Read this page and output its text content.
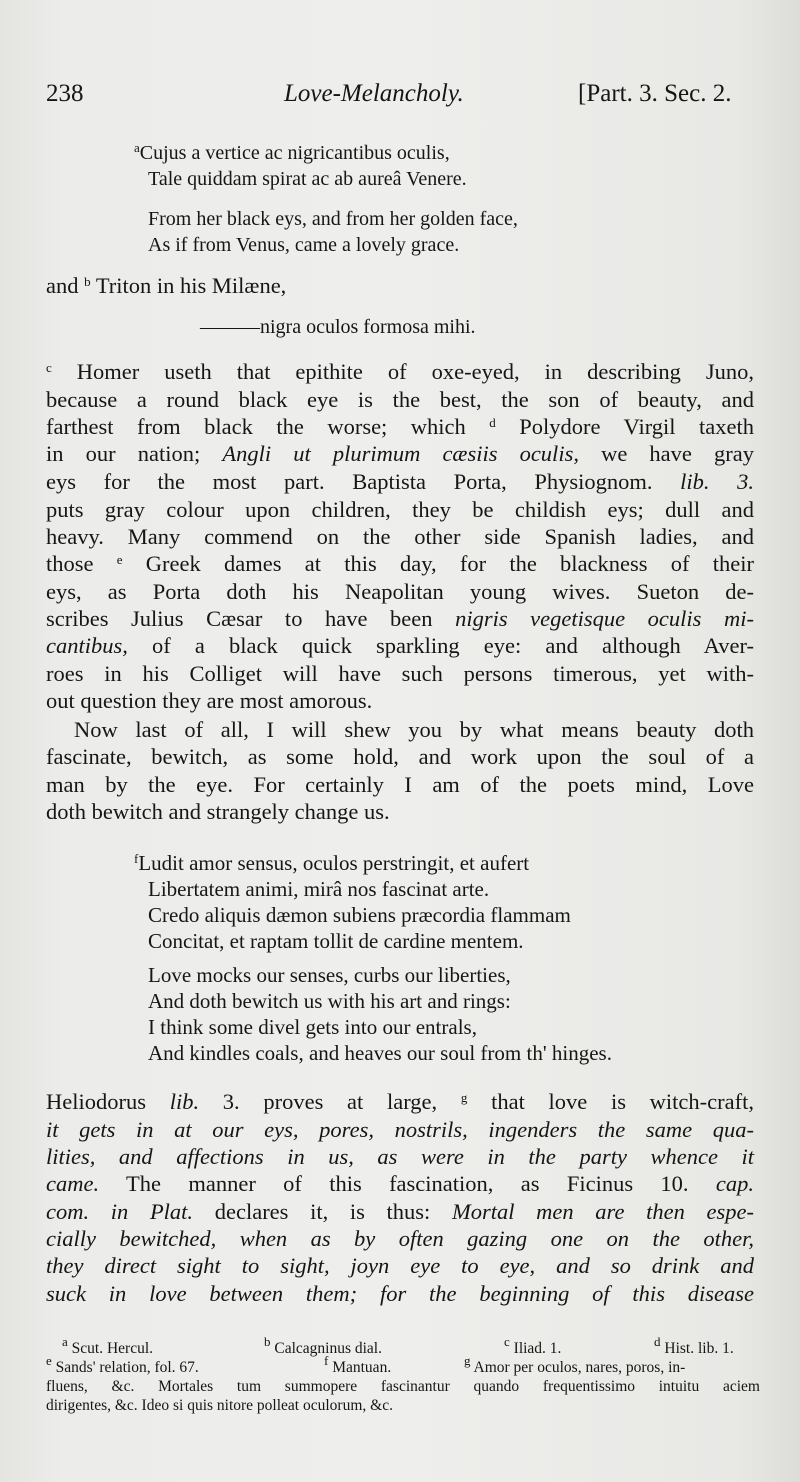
238	Love-Melancholy.	[Part. 3. Sec. 2.
$^a$Cujus a vertice ac nigricantibus oculis,
Tale quiddam spirat ac ab aureâ Venere.
From her black eys, and from her golden face,
As if from Venus, came a lovely grace.
and $^b$ Triton in his Milæne,
———nigra oculos formosa mihi.
$^c$ Homer useth that epithite of oxe-eyed, in describing Juno,
because a round black eye is the best, the son of beauty, and
farthest from black the worse; which $^d$ Polydore Virgil taxeth
in our nation; Angli ut plurimum cæsiis oculis, we have gray
eys for the most part. Baptista Porta, Physiognom. lib. 3.
puts gray colour upon children, they be childish eys; dull and
heavy. Many commend on the other side Spanish ladies, and
those $^e$ Greek dames at this day, for the blackness of their
eys, as Porta doth his Neapolitan young wives. Sueton de-
scribes Julius Cæsar to have been nigris vegetisque oculis mi-
cantibus, of a black quick sparkling eye: and although Aver-
roes in his Colliget will have such persons timerous, yet with-
out question they are most amorous.
Now last of all, I will shew you by what means beauty doth
fascinate, bewitch, as some hold, and work upon the soul of a
man by the eye. For certainly I am of the poets mind, Love
doth bewitch and strangely change us.
$^f$Ludit amor sensus, oculos perstringit, et aufert
Libertatem animi, mirâ nos fascinat arte.
Credo aliquis dæmon subiens præcordia flammam
Concitat, et raptam tollit de cardine mentem.
Love mocks our senses, curbs our liberties,
And doth bewitch us with his art and rings:
I think some divel gets into our entrals,
And kindles coals, and heaves our soul from th' hinges.
Heliodorus lib. 3. proves at large, $^g$ that love is witch-craft,
it gets in at our eys, pores, nostrils, ingenders the same qua-
lities, and affections in us, as were in the party whence it
came. The manner of this fascination, as Ficinus 10. cap.
com. in Plat. declares it, is thus: Mortal men are then espe-
cially bewitched, when as by often gazing one on the other,
they direct sight to sight, joyn eye to eye, and so drink and
suck in love between them; for the beginning of this disease
$^a$ Scut. Hercul.	$^b$ Calcagninus dial.	$^c$ Iliad. 1.	$^d$ Hist. lib. 1.
$^e$ Sands' relation, fol. 67.	$^f$ Mantuan.	$^g$ Amor per oculos, nares, poros, in-
fluens, &c. Mortales tum summopere fascinantur quando frequentissimo intuitu aciem
dirigentes, &c. Ideo si quis nitore polleat oculorum, &c.
